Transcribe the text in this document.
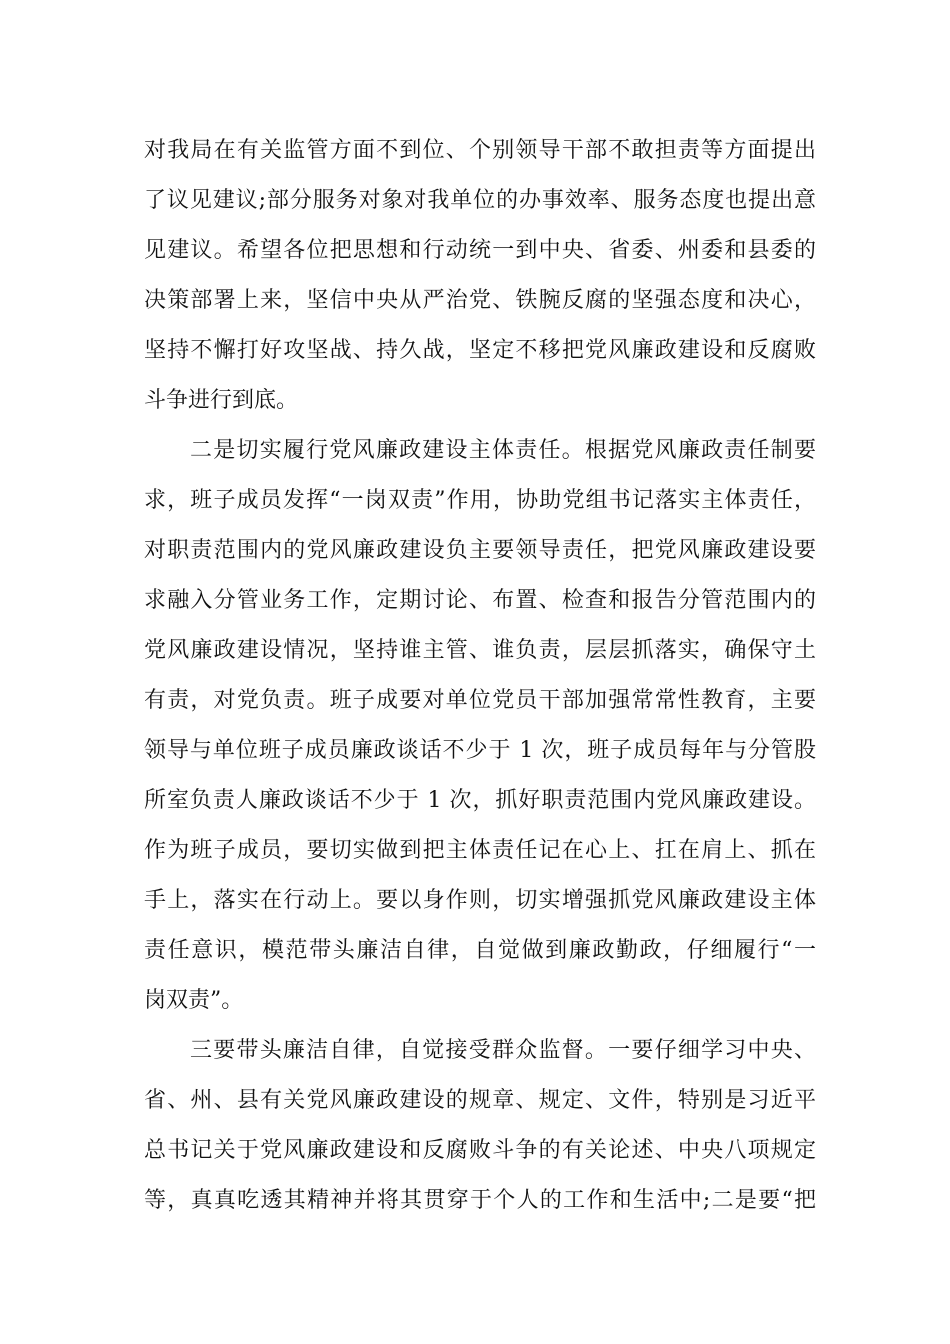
对我局在有关监管方面不到位、个别领导干部不敢担责等方面提出
了议见建议;部分服务对象对我单位的办事效率、服务态度也提出意
见建议。希望各位把思想和行动统一到中央、省委、州委和县委的
决策部署上来，坚信中央从严治党、铁腕反腐的坚强态度和决心，
坚持不懈打好攻坚战、持久战，坚定不移把党风廉政建设和反腐败
斗争进行到底。
二是切实履行党风廉政建设主体责任。根据党风廉政责任制要
求，班子成员发挥“一岗双责”作用，协助党组书记落实主体责任，
对职责范围内的党风廉政建设负主要领导责任，把党风廉政建设要
求融入分管业务工作，定期讨论、布置、检查和报告分管范围内的
党风廉政建设情况，坚持谁主管、谁负责，层层抓落实，确保守土
有责，对党负责。班子成要对单位党员干部加强常常性教育，主要
领导与单位班子成员廉政谈话不少于 1 次，班子成员每年与分管股
所室负责人廉政谈话不少于 1 次，抓好职责范围内党风廉政建设。
作为班子成员，要切实做到把主体责任记在心上、扛在肩上、抓在
手上，落实在行动上。要以身作则，切实增强抓党风廉政建设主体
责任意识，模范带头廉洁自律，自觉做到廉政勤政，仔细履行“一
岗双责”。
三要带头廉洁自律，自觉接受群众监督。一要仔细学习中央、
省、州、县有关党风廉政建设的规章、规定、文件，特别是习近平
总书记关于党风廉政建设和反腐败斗争的有关论述、中央八项规定
等，真真吃透其精神并将其贯穿于个人的工作和生活中;二是要“把
